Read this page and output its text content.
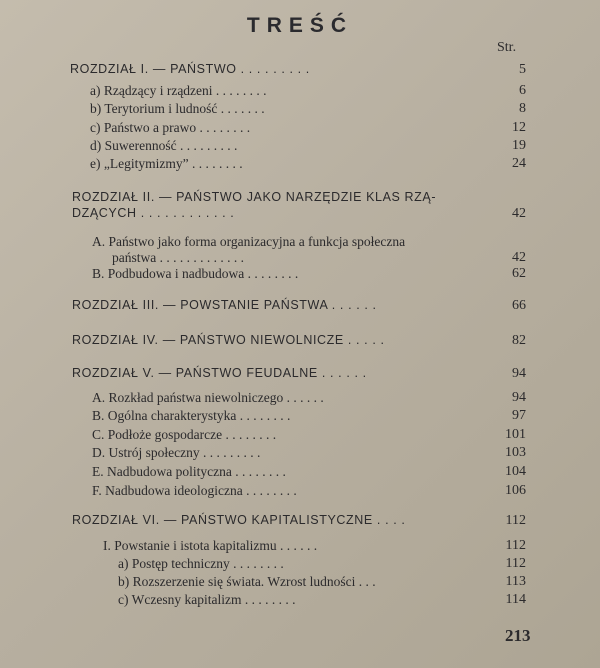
TREŚĆ
Str.
ROZDZIAŁ I. — PAŃSTWO . . . . . . . . .	5
a) Rządzący i rządzeni . . . . . . . .	6
b) Terytorium i ludność . . . . . . .	8
c) Państwo a prawo . . . . . . . .	12
d) Suwerenność . . . . . . . . .	19
e) „Legitymizmy” . . . . . . . .	24
ROZDZIAŁ II. — PAŃSTWO JAKO NARZĘDZIE KLAS RZĄ-
DZĄCYCH . . . . . . . . . . . .	42
A. Państwo jako forma organizacyjna a funkcja społeczna
państwa . . . . . . . . . . . . .	42
B. Podbudowa i nadbudowa . . . . . . . .	62
ROZDZIAŁ III. — POWSTANIE PAŃSTWA . . . . . .	66
ROZDZIAŁ IV. — PAŃSTWO NIEWOLNICZE . . . . .	82
ROZDZIAŁ V. — PAŃSTWO FEUDALNE . . . . . .	94
A. Rozkład państwa niewolniczego . . . . . .	94
B. Ogólna charakterystyka . . . . . . . .	97
C. Podłoże gospodarcze . . . . . . . .	101
D. Ustrój społeczny . . . . . . . . .	103
E. Nadbudowa polityczna . . . . . . . .	104
F. Nadbudowa ideologiczna . . . . . . . .	106
ROZDZIAŁ VI. — PAŃSTWO KAPITALISTYCZNE . . . .	112
I. Powstanie i istota kapitalizmu . . . . . .	112
a) Postęp techniczny . . . . . . . .	112
b) Rozszerzenie się świata. Wzrost ludności . . .	113
c) Wczesny kapitalizm . . . . . . . .	114
213
